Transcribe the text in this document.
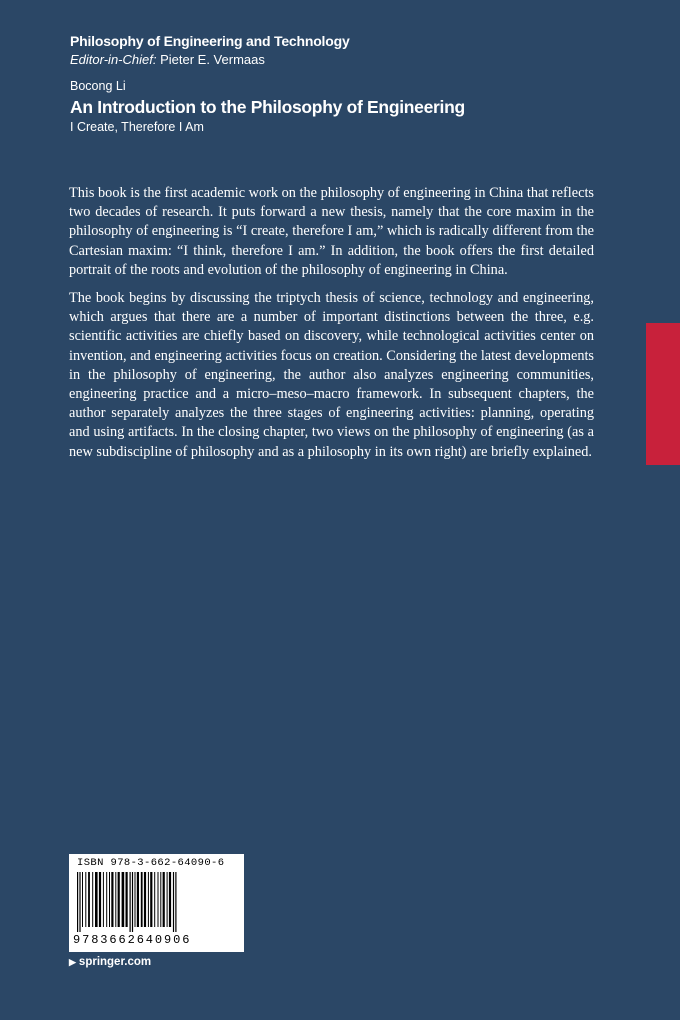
Philosophy of Engineering and Technology
Editor-in-Chief: Pieter E. Vermaas
Bocong Li
An Introduction to the Philosophy of Engineering
I Create, Therefore I Am

This book is the first academic work on the philosophy of engineering in China that reflects two decades of research. It puts forward a new thesis, namely that the core maxim in the philosophy of engineering is “I create, therefore I am,” which is radically different from the Cartesian maxim: “I think, therefore I am.” In addition, the book offers the first detailed portrait of the roots and evolution of the philosophy of engineering in China.

The book begins by discussing the triptych thesis of science, technology and engineering, which argues that there are a number of important distinctions between the three, e.g. scientific activities are chiefly based on discovery, while technological activities center on invention, and engineering activities focus on creation. Considering the latest developments in the philosophy of engineering, the author also analyzes engineering communities, engineering practice and a micro–meso–macro framework. In subsequent chapters, the author separately analyzes the three stages of engineering activities: planning, operating and using artifacts. In the closing chapter, two views on the philosophy of engineering (as a new subdiscipline of philosophy and as a philosophy in its own right) are briefly explained.

ISBN 978-3-662-64090-6
9783662640906
▶ springer.com
